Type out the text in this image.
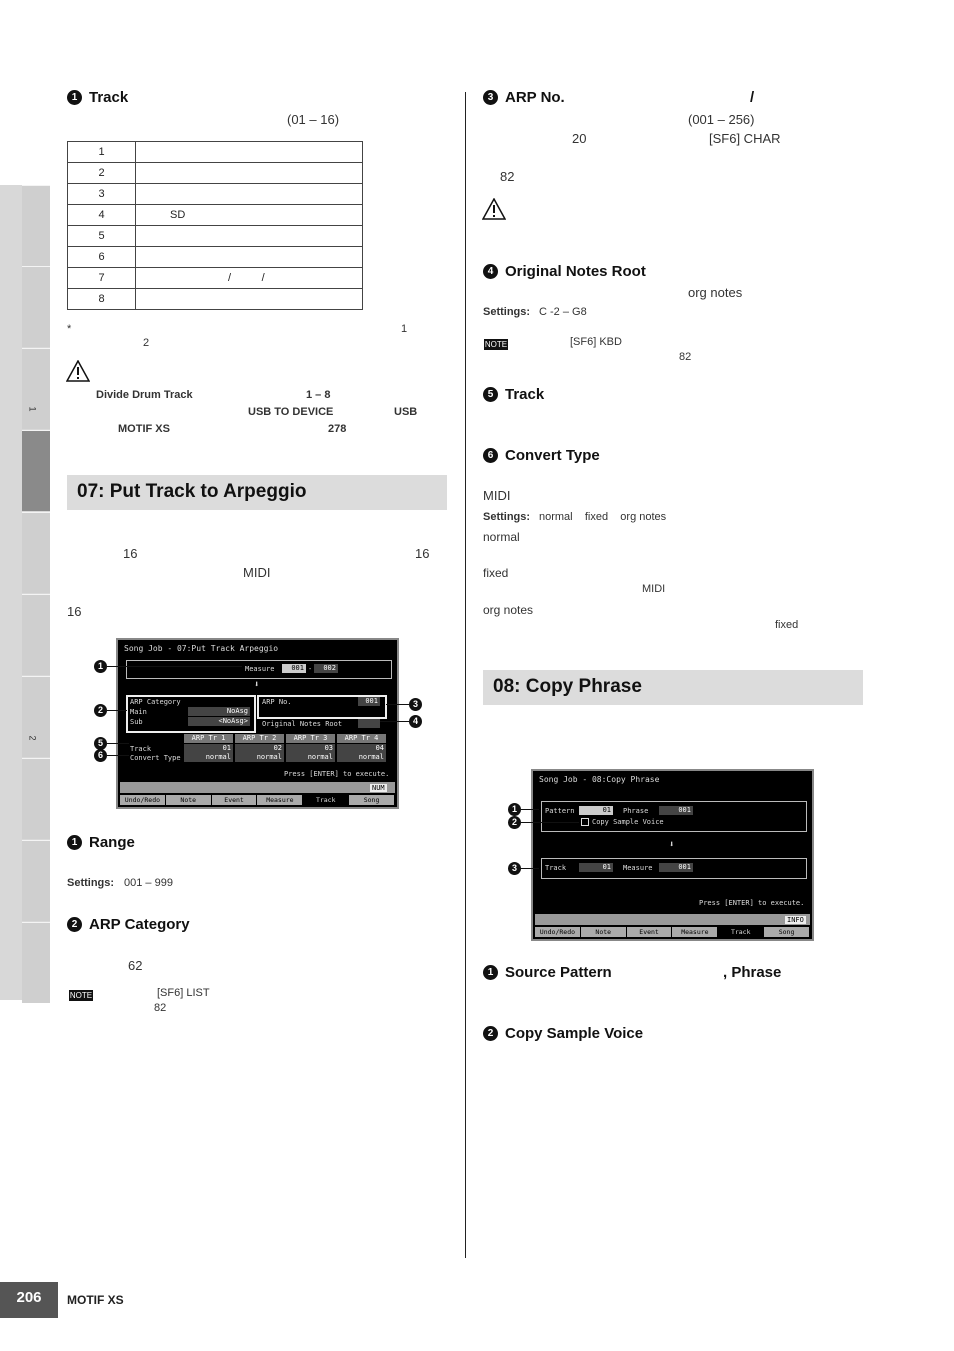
1
2
1 Track
(01 – 16)
1	
2	
3	
4	SD
5	
6	
7	/          /
8	
*	1
2
Divide Drum Track	1 – 8
USB TO DEVICE	USB
MOTIF XS	278
07: Put Track to Arpeggio
16	16
MIDI
16
Song Job - 07:Put Track Arpeggio
Measure	001 -	002
⬇
ARP Category
Main	NoAsg
Sub	<NoAsg>
ARP No.	001
Original Notes Root
ARP Tr 1	ARP Tr 2	ARP Tr 3	ARP Tr 4
Track	01	02	03	04
Convert Type	normal	normal	normal	normal
Press [ENTER] to execute.
NUM
Undo/Redo	Note	Event	Measure	Track	Song
1
2
3
4
5
6
1 Range
Settings: 001 – 999
2 ARP Category
62
NOTE	[SF6] LIST
82
3 ARP No.	/
(001 – 256)
20	[SF6] CHAR
82
4 Original Notes Root
org notes
Settings: C -2 – G8
NOTE	[SF6] KBD
82
5 Track
6 Convert Type
MIDI
Settings: normal    fixed    org notes
normal
fixed
MIDI
org notes
fixed
08: Copy Phrase
Song Job - 08:Copy Phrase
Pattern	01 Phrase	001
Copy Sample Voice
⬇
Track	01 Measure	001
Press [ENTER] to execute.
INFO
Undo/Redo	Note	Event	Measure	Track	Song
1
2
3
1 Source Pattern	, Phrase
2 Copy Sample Voice
206	MOTIF XS
